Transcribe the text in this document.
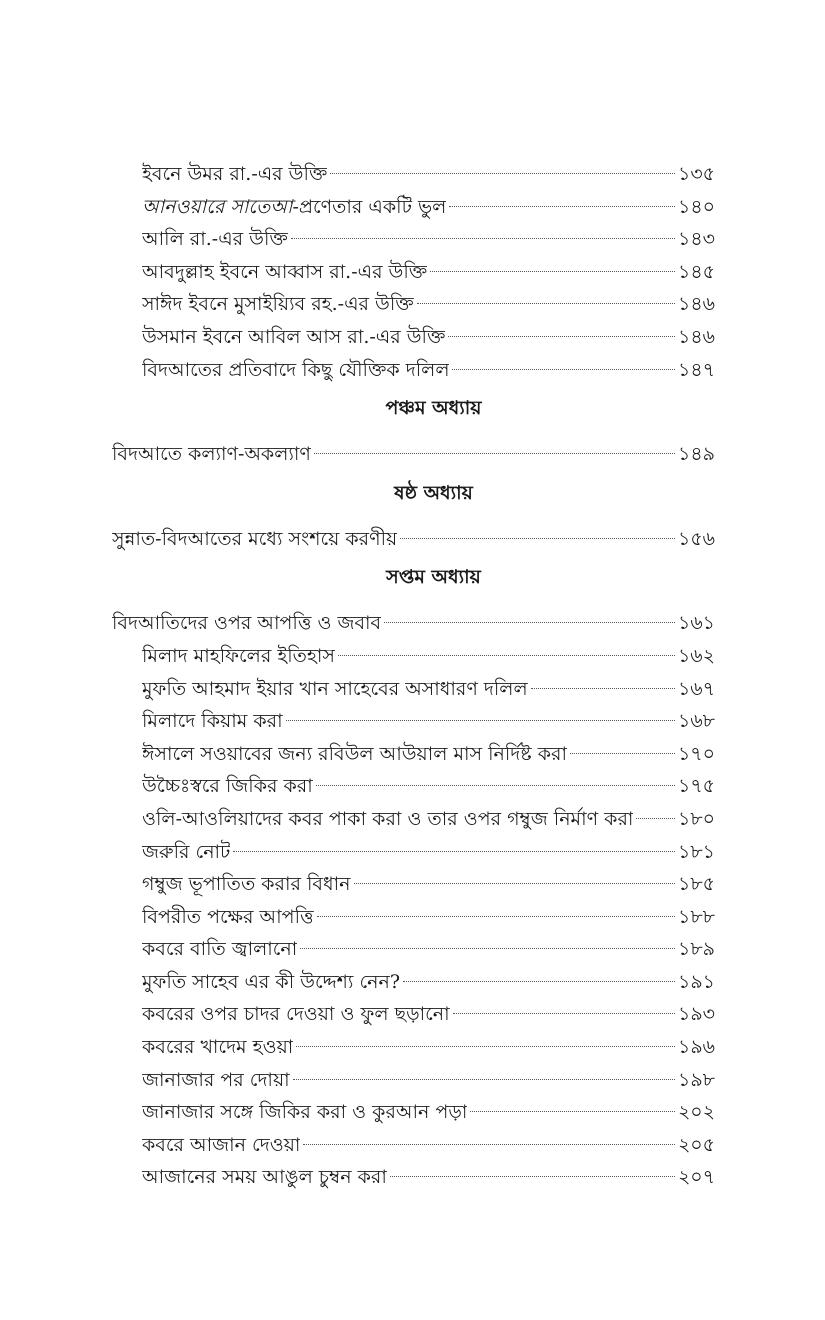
ইবনে উমর রা.-এর উক্তি	১৩৫
আনওয়ারে সাতেআ-প্রণেতার একটি ভুল	১৪০
আলি রা.-এর উক্তি	১৪৩
আবদুল্লাহ ইবনে আব্বাস রা.-এর উক্তি	১৪৫
সাঈদ ইবনে মুসাইয়্যিব রহ.-এর উক্তি	১৪৬
উসমান ইবনে আবিল আস রা.-এর উক্তি	১৪৬
বিদআতের প্রতিবাদে কিছু যৌক্তিক দলিল	১৪৭
পঞ্চম অধ্যায়
বিদআতে কল্যাণ-অকল্যাণ	১৪৯
ষষ্ঠ অধ্যায়
সুন্নাত-বিদআতের মধ্যে সংশয়ে করণীয়	১৫৬
সপ্তম অধ্যায়
বিদআতিদের ওপর আপত্তি ও জবাব	১৬১
মিলাদ মাহফিলের ইতিহাস	১৬২
মুফতি আহমাদ ইয়ার খান সাহেবের অসাধারণ দলিল	১৬৭
মিলাদে কিয়াম করা	১৬৮
ঈসালে সওয়াবের জন্য রবিউল আউয়াল মাস নির্দিষ্ট করা	১৭০
উচ্চৈঃস্বরে জিকির করা	১৭৫
ওলি-আওলিয়াদের কবর পাকা করা ও তার ওপর গম্বুজ নির্মাণ করা ১৮০
জরুরি নোট	১৮১
গম্বুজ ভূপাতিত করার বিধান	১৮৫
বিপরীত পক্ষের আপত্তি	১৮৮
কবরে বাতি জ্বালানো	১৮৯
মুফতি সাহেব এর কী উদ্দেশ্য নেন?	১৯১
কবরের ওপর চাদর দেওয়া ও ফুল ছড়ানো	১৯৩
কবরের খাদেম হওয়া	১৯৬
জানাজার পর দোয়া	১৯৮
জানাজার সঙ্গে জিকির করা ও কুরআন পড়া	২০২
কবরে আজান দেওয়া	২০৫
আজানের সময় আঙুল চুম্বন করা	২০৭
